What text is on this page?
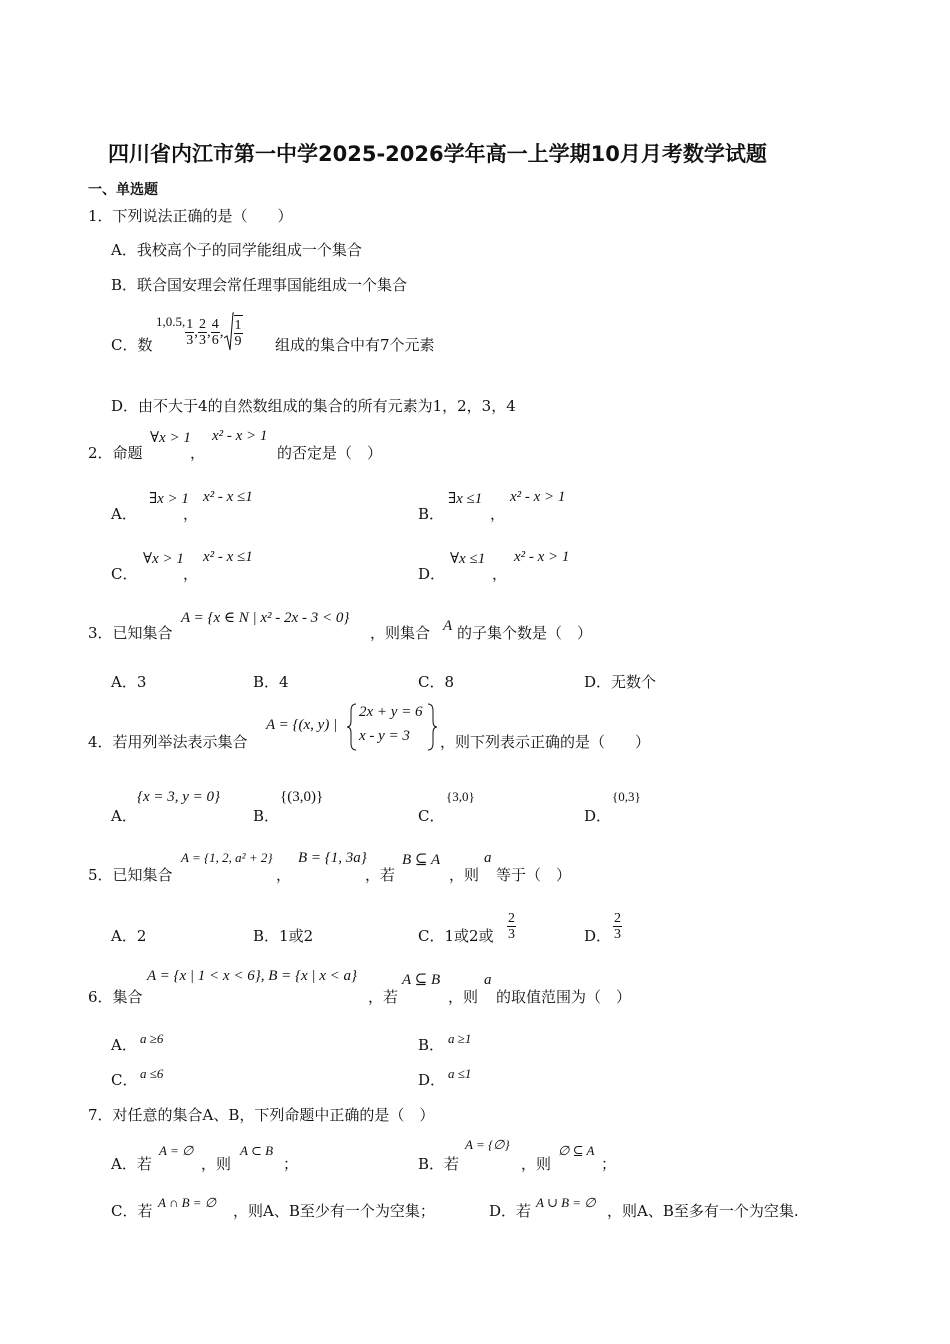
四川省内江市第一中学2025-2026学年高一上学期10月月考数学试题
一、单选题
1．下列说法正确的是（　　）
A．我校高个子的同学能组成一个集合
B．联合国安理会常任理事国能组成一个集合
C．数
1,0.5, $\frac{1}{3}$ , $\frac{2}{3}$ , $\frac{4}{6}$ , $\frac{1}{9}$ 组成的集合中有7个元素
D．由不大于4的自然数组成的集合的所有元素为1，2，3，4
2．命题
∀x > 1
，
x² - x > 1
的否定是（　）
A．
∃x > 1
，
x² - x ≤1
B．
∃x ≤1
，
x² - x > 1
C．
∀x > 1
，
x² - x ≤1
D．
∀x ≤1
，
x² - x > 1
3．已知集合
A = {x ∈ N | x² - 2x - 3 < 0}
，则集合 A 的子集个数是（　）
A．3	B．4	C．8	D．无数个
4．若用列举法表示集合
A = {(x, y) |
2x + y = 6
x - y = 3 ，则下列表示正确的是（　　）
A．
{x = 3, y = 0}
B．
{(3,0)}
C．
{3,0}
D．
{0,3}
5．已知集合
A = {1, 2, a² + 2}
，
B = {1, 3a}
，若
B ⊆ A
，则
a
等于（　）
A．2	B．1或2	C．1或2或 $\frac{2}{3}$	D． $\frac{2}{3}$
6．集合
A = {x | 1 < x < 6}, B = {x | x < a}
，若
A ⊆ B
，则
a
的取值范围为（　）
A． a ≥6	B． a ≥1
C． a ≤6	D． a ≤1
7．对任意的集合A、B，下列命题中正确的是（　）
A．若
A = ∅
，则
A ⊂ B
；	B．若
A = {∅}
，则
∅ ⊆ A
；
C．若 A ∩ B = ∅ ，则A、B至少有一个为空集；	D．若 A ∪ B = ∅ ，则A、B至多有一个为空集.
